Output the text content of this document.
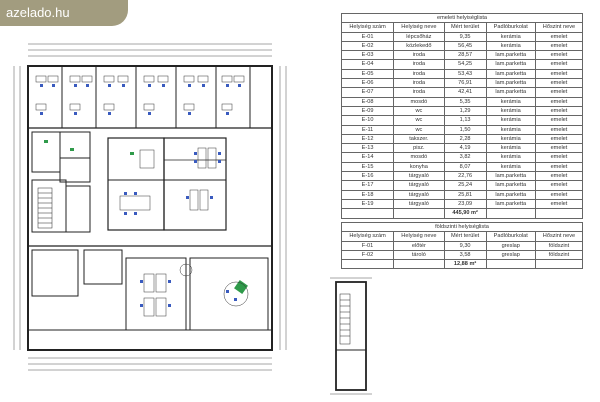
azelado.hu	emeleti helyiséglista				
Helyiség szám	Helyiség neve	Mért terület	Padlóburkolat	Hőszint neve
E-01	lépcsőház	9,35	kerámia	emelet
E-02	közlekedő	56,45	kerámia	emelet
E-03	iroda	28,57	lam.parketta	emelet
E-04	iroda	54,25	lam.parketta	emelet
E-05	iroda	53,43	lam.parketta	emelet
E-06	iroda	76,91	lam.parketta	emelet
E-07	iroda	42,41	lam.parketta	emelet
E-08	mosdó	5,35	kerámia	emelet
E-09	wc	1,29	kerámia	emelet
E-10	wc	1,13	kerámia	emelet
E-11	wc	1,50	kerámia	emelet
E-12	takszer.	2,28	kerámia	emelet
E-13	pisz.	4,19	kerámia	emelet
E-14	mosdó	3,82	kerámia	emelet
E-15	konyha	8,07	kerámia	emelet
E-16	tárgyaló	22,76	lam.parketta	emelet
E-17	tárgyaló	25,24	lam.parketta	emelet
E-18	tárgyaló	25,81	lam.parketta	emelet
E-19	tárgyaló	23,09	lam.parketta	emelet
		445,90 m²		
földszinti helyiséglista				
Helyiség szám	Helyiség neve	Mért terület	Padlóburkolat	Hőszint neve
F-01	előtér	9,30	greslap	földszint
F-02	tároló	3,58	greslap	földszint
		12,88 m²		
